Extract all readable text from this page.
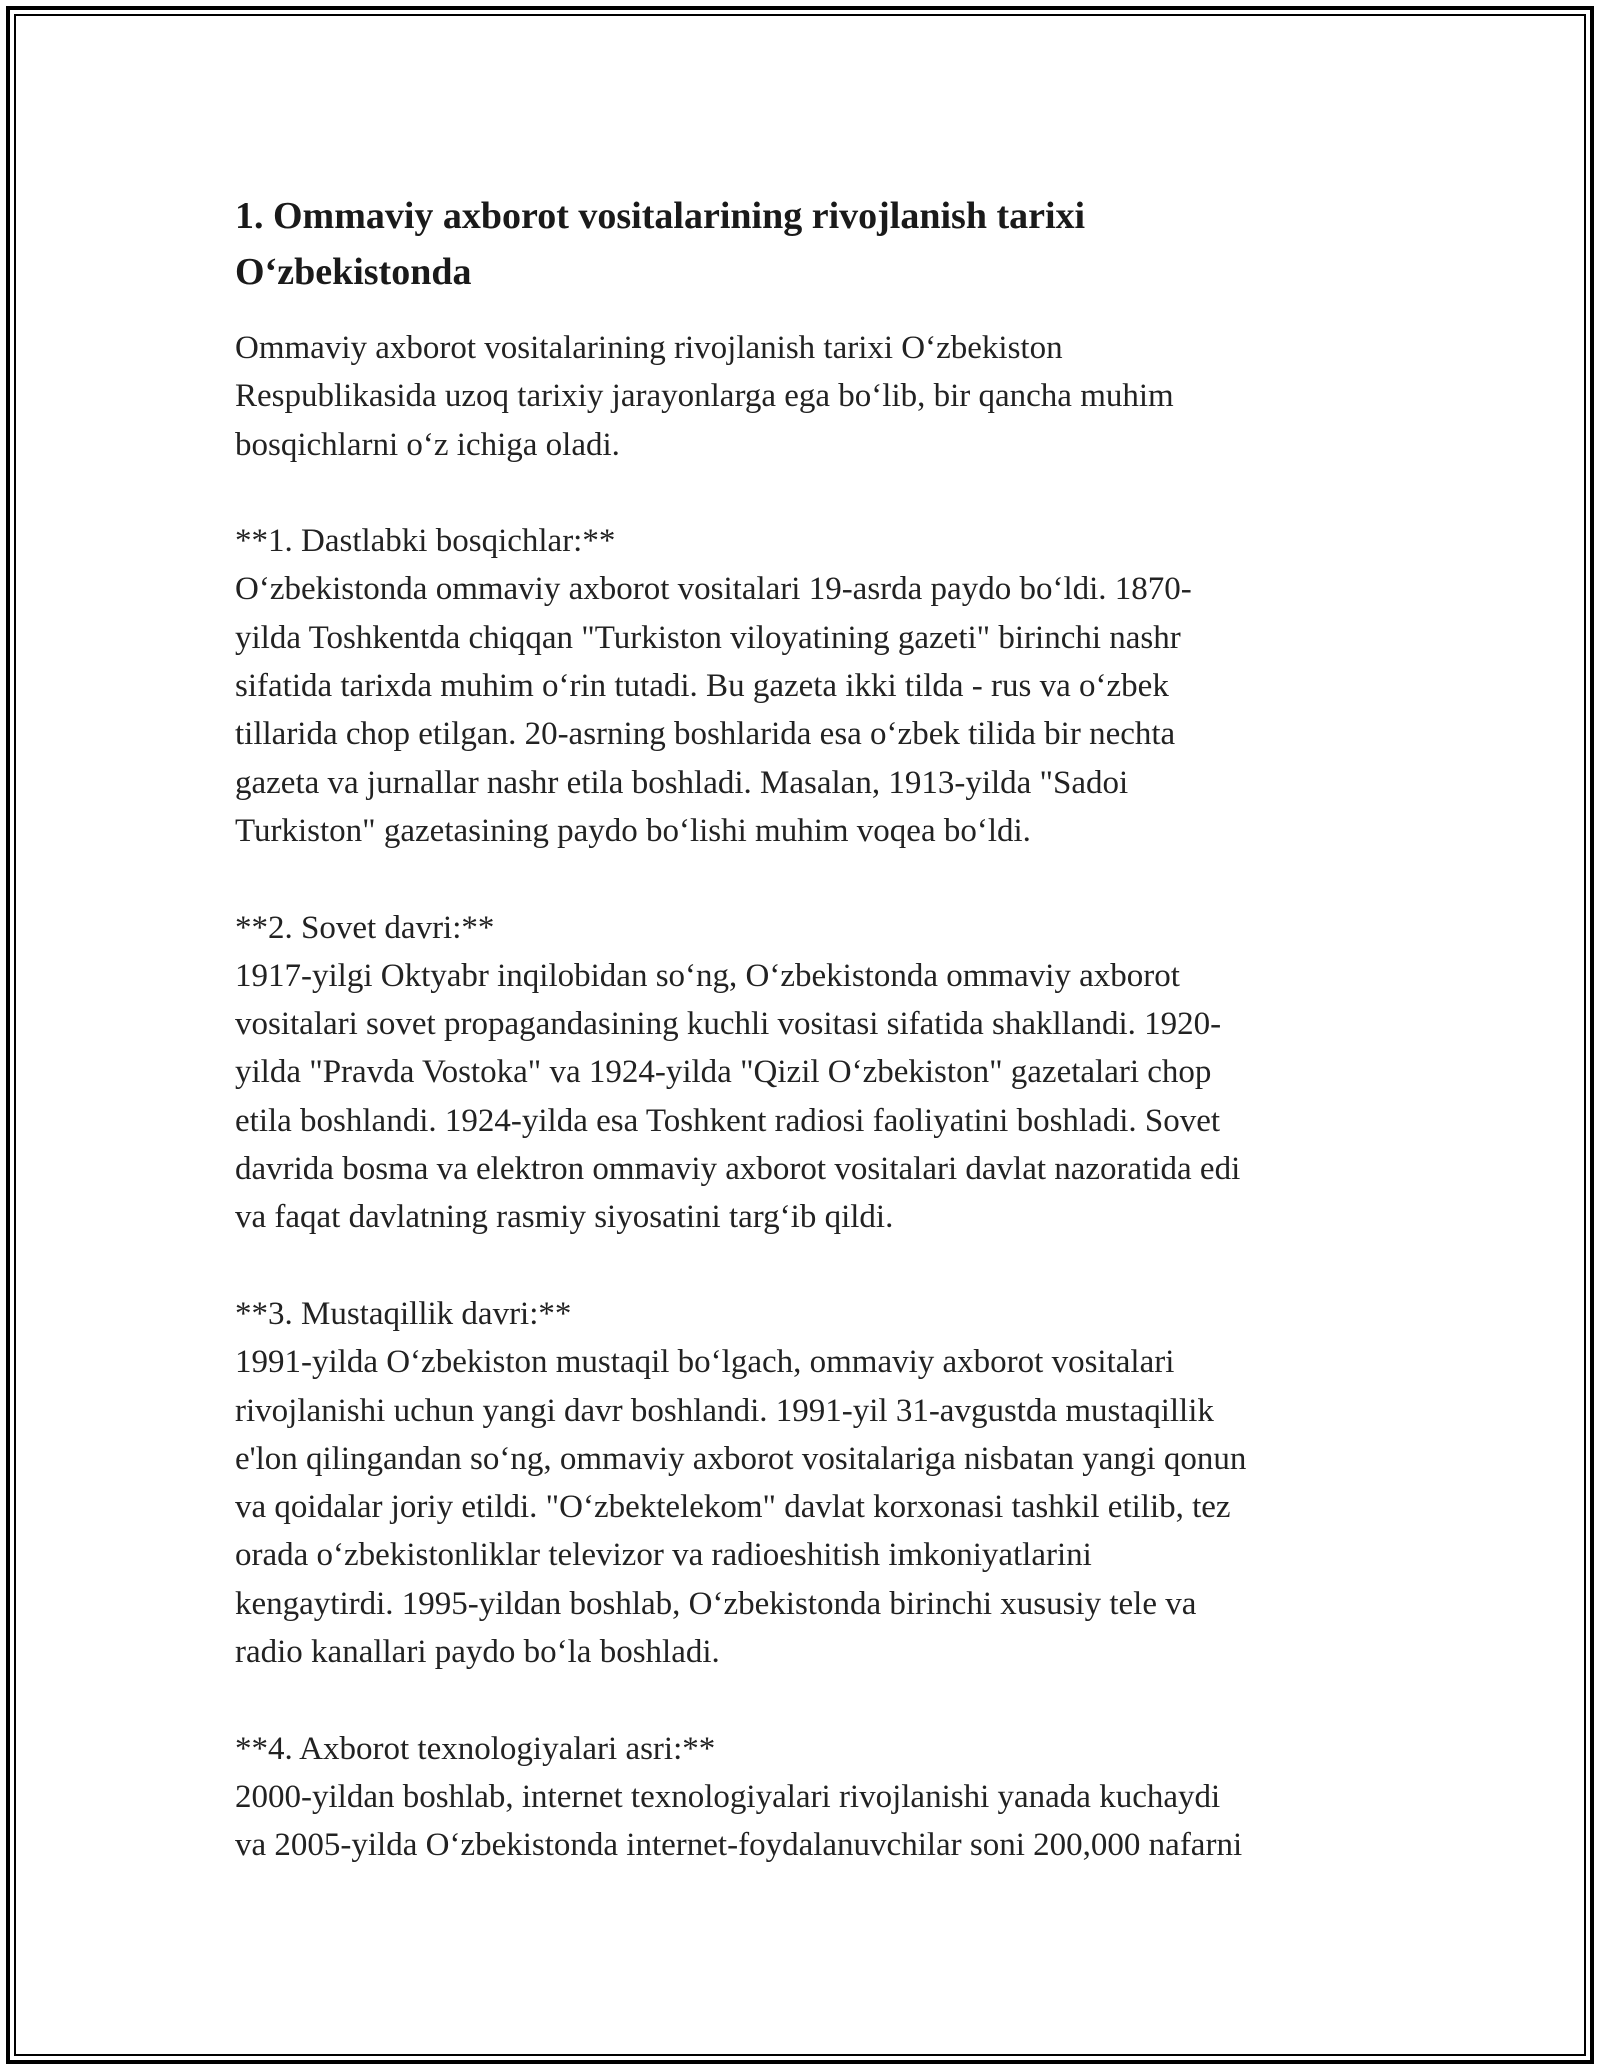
1. Ommaviy axborot vositalarining rivojlanish tarixi
O‘zbekistonda

Ommaviy axborot vositalarining rivojlanish tarixi O‘zbekiston
Respublikasida uzoq tarixiy jarayonlarga ega bo‘lib, bir qancha muhim
bosqichlarni o‘z ichiga oladi.

**1. Dastlabki bosqichlar:**
O‘zbekistonda ommaviy axborot vositalari 19-asrda paydo bo‘ldi. 1870-
yilda Toshkentda chiqqan "Turkiston viloyatining gazeti" birinchi nashr
sifatida tarixda muhim o‘rin tutadi. Bu gazeta ikki tilda - rus va o‘zbek
tillarida chop etilgan. 20-asrning boshlarida esa o‘zbek tilida bir nechta
gazeta va jurnallar nashr etila boshladi. Masalan, 1913-yilda "Sadoi
Turkiston" gazetasining paydo bo‘lishi muhim voqea bo‘ldi.

**2. Sovet davri:**
1917-yilgi Oktyabr inqilobidan so‘ng, O‘zbekistonda ommaviy axborot
vositalari sovet propagandasining kuchli vositasi sifatida shakllandi. 1920-
yilda "Pravda Vostoka" va 1924-yilda "Qizil O‘zbekiston" gazetalari chop
etila boshlandi. 1924-yilda esa Toshkent radiosi faoliyatini boshladi. Sovet
davrida bosma va elektron ommaviy axborot vositalari davlat nazoratida edi
va faqat davlatning rasmiy siyosatini targ‘ib qildi.

**3. Mustaqillik davri:**
1991-yilda O‘zbekiston mustaqil bo‘lgach, ommaviy axborot vositalari
rivojlanishi uchun yangi davr boshlandi. 1991-yil 31-avgustda mustaqillik
e'lon qilingandan so‘ng, ommaviy axborot vositalariga nisbatan yangi qonun
va qoidalar joriy etildi. "O‘zbektelekom" davlat korxonasi tashkil etilib, tez
orada o‘zbekistonliklar televizor va radioeshitish imkoniyatlarini
kengaytirdi. 1995-yildan boshlab, O‘zbekistonda birinchi xususiy tele va
radio kanallari paydo bo‘la boshladi.

**4. Axborot texnologiyalari asri:**
2000-yildan boshlab, internet texnologiyalari rivojlanishi yanada kuchaydi
va 2005-yilda O‘zbekistonda internet-foydalanuvchilar soni 200,000 nafarni
